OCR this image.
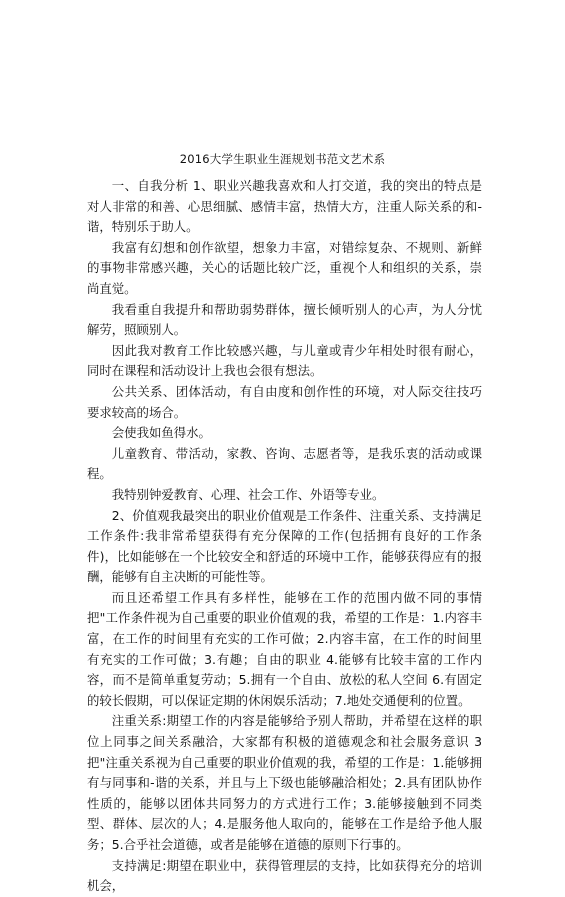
2016大学生职业生涯规划书范文艺术系

一、自我分析 1、职业兴趣我喜欢和人打交道，我的突出的特点是对人非常的和善、心思细腻、感情丰富，热情大方，注重人际关系的和-谐，特别乐于助人。

我富有幻想和创作欲望，想象力丰富，对错综复杂、不规则、新鲜的事物非常感兴趣，关心的话题比较广泛，重视个人和组织的关系，崇尚直觉。

我看重自我提升和帮助弱势群体，擅长倾听别人的心声，为人分忧解劳，照顾别人。

因此我对教育工作比较感兴趣，与儿童或青少年相处时很有耐心，同时在课程和活动设计上我也会很有想法。

公共关系、团体活动，有自由度和创作性的环境，对人际交往技巧要求较高的场合。

会使我如鱼得水。

儿童教育、带活动，家教、咨询、志愿者等，是我乐衷的活动或课程。

我特别钟爱教育、心理、社会工作、外语等专业。

2、价值观我最突出的职业价值观是工作条件、注重关系、支持满足工作条件:我非常希望获得有充分保障的工作(包括拥有良好的工作条件)，比如能够在一个比较安全和舒适的环境中工作，能够获得应有的报酬，能够有自主决断的可能性等。

而且还希望工作具有多样性，能够在工作的范围内做不同的事情把"工作条件视为自己重要的职业价值观的我，希望的工作是：1.内容丰富，在工作的时间里有充实的工作可做；2.内容丰富，在工作的时间里有充实的工作可做；3.有趣；自由的职业 4.能够有比较丰富的工作内容，而不是简单重复劳动；5.拥有一个自由、放松的私人空间 6.有固定的较长假期，可以保证定期的休闲娱乐活动；7.地处交通便利的位置。

注重关系:期望工作的内容是能够给予别人帮助，并希望在这样的职位上同事之间关系融洽，大家都有积极的道德观念和社会服务意识 3 把"注重关系视为自己重要的职业价值观的我，希望的工作是：1.能够拥有与同事和-谐的关系，并且与上下级也能够融洽相处；2.具有团队协作性质的，能够以团体共同努力的方式进行工作；3.能够接触到不同类型、群体、层次的人；4.是服务他人取向的，能够在工作是给予他人服务；5.合乎社会道德，或者是能够在道德的原则下行事的。

支持满足:期望在职业中，获得管理层的支持，比如获得充分的培训机会，
